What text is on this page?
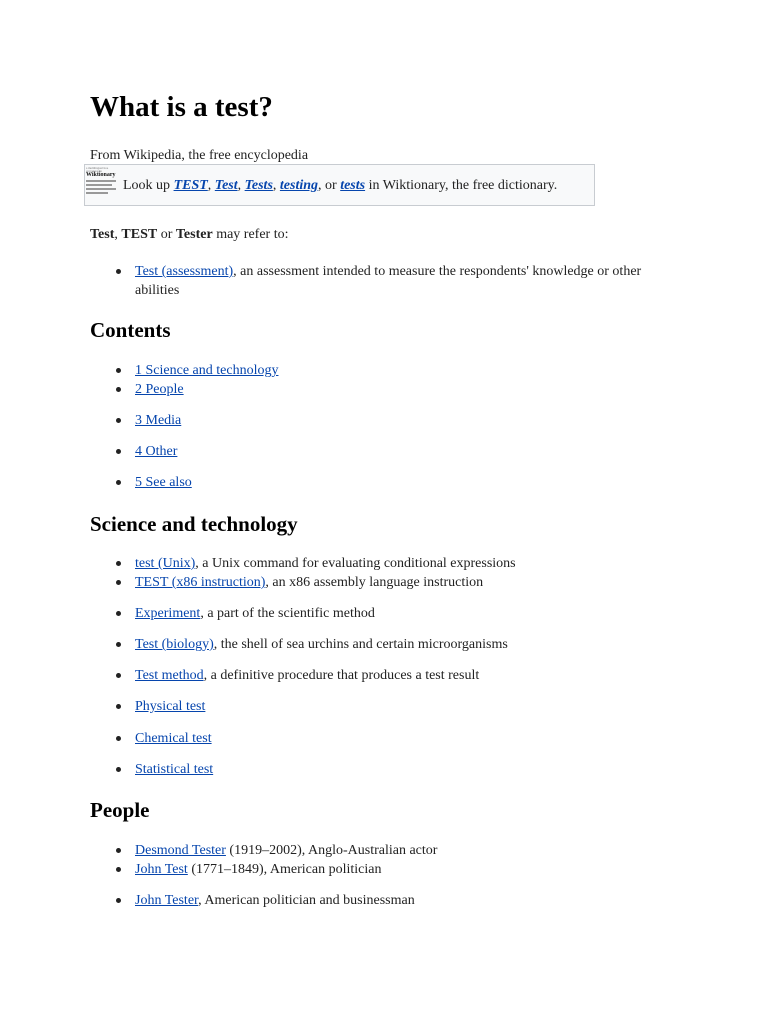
What is a test?

From Wikipedia, the free encyclopedia

a multilingual free encyclopedia
Wiktionary
Look up TEST, Test, Tests, testing, or tests in Wiktionary, the free dictionary.

Test, TEST or Tester may refer to:

Test (assessment), an assessment intended to measure the respondents' knowledge or other abilities
Contents
1 Science and technology
2 People
3 Media
4 Other
5 See also
Science and technology
test (Unix), a Unix command for evaluating conditional expressions
TEST (x86 instruction), an x86 assembly language instruction
Experiment, a part of the scientific method
Test (biology), the shell of sea urchins and certain microorganisms
Test method, a definitive procedure that produces a test result
Physical test
Chemical test
Statistical test
People
Desmond Tester (1919–2002), Anglo-Australian actor
John Test (1771–1849), American politician
John Tester, American politician and businessman
